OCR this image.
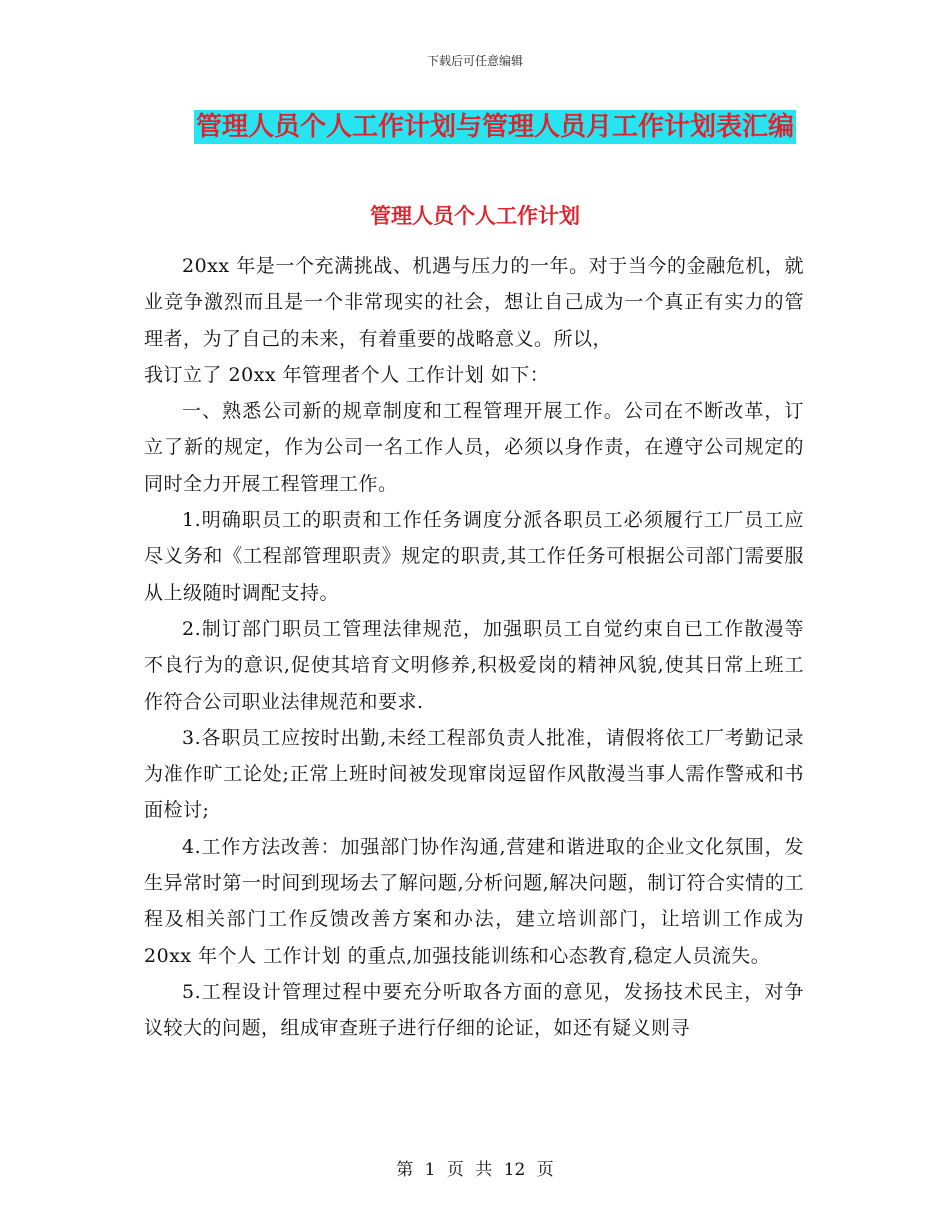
下载后可任意编辑
管理人员个人工作计划与管理人员月工作计划表汇编
管理人员个人工作计划

20xx 年是一个充满挑战、机遇与压力的一年。对于当今的金融危机，就业竞争激烈而且是一个非常现实的社会，想让自己成为一个真正有实力的管理者，为了自己的未来，有着重要的战略意义。所以，

我订立了 20xx 年管理者个人 工作计划 如下：

一、熟悉公司新的规章制度和工程管理开展工作。公司在不断改革，订立了新的规定，作为公司一名工作人员，必须以身作责，在遵守公司规定的同时全力开展工程管理工作。

1.明确职员工的职责和工作任务调度分派各职员工必须履行工厂员工应尽义务和《工程部管理职责》规定的职责,其工作任务可根据公司部门需要服从上级随时调配支持。

2.制订部门职员工管理法律规范，加强职员工自觉约束自已工作散漫等不良行为的意识,促使其培育文明修养,积极爱岗的精神风貌,使其日常上班工作符合公司职业法律规范和要求.

3.各职员工应按时出勤,未经工程部负责人批准，请假将依工厂考勤记录为准作旷工论处;正常上班时间被发现窜岗逗留作风散漫当事人需作警戒和书面检讨;

4.工作方法改善：加强部门协作沟通,营建和谐进取的企业文化氛围，发生异常时第一时间到现场去了解问题,分析问题,解决问题，制订符合实情的工程及相关部门工作反馈改善方案和办法，建立培训部门，让培训工作成为 20xx 年个人 工作计划 的重点,加强技能训练和心态教育,稳定人员流失。

5.工程设计管理过程中要充分听取各方面的意见，发扬技术民主，对争议较大的问题，组成审查班子进行仔细的论证，如还有疑义则寻

第 1 页 共 12 页
